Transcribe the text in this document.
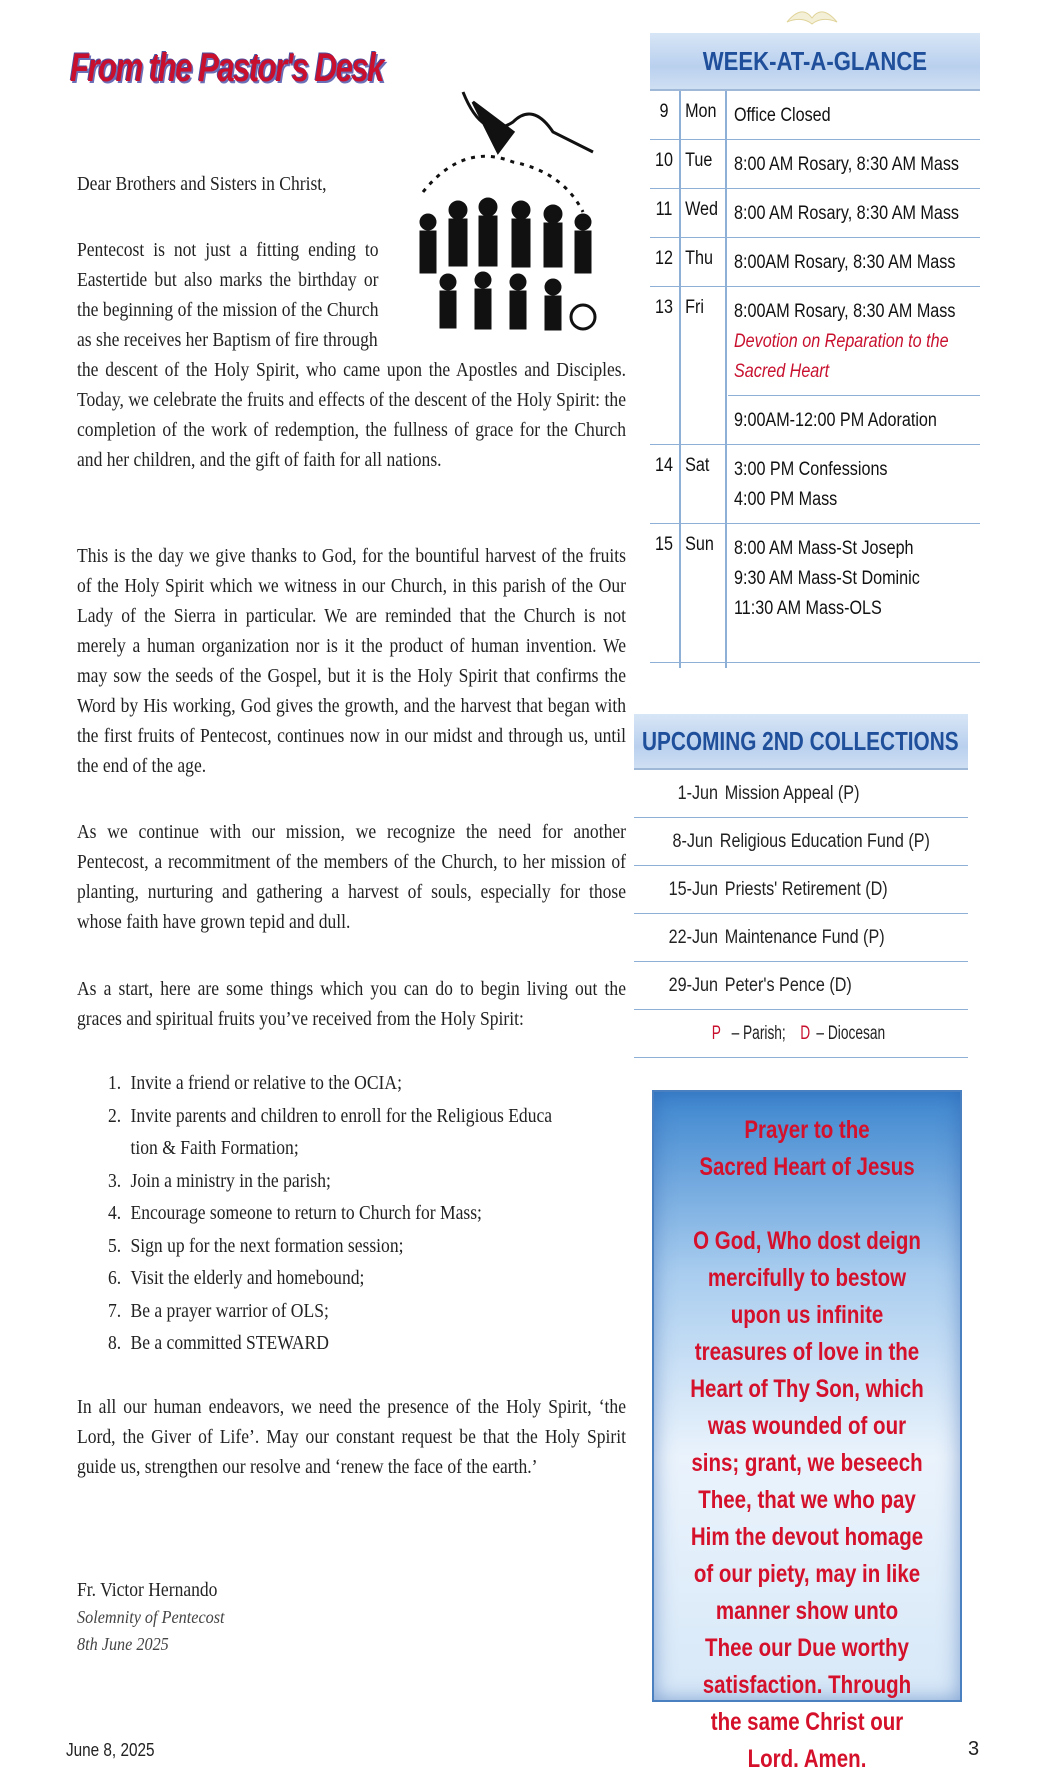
From the Pastor's Desk

Dear Brothers and Sisters in Christ,

Pentecost is not just a fitting ending to Eastertide but also marks the birthday or the beginning of the mission of the Church as she receives her Baptism of fire through
the descent of the Holy Spirit, who came upon the Apostles and Disciples. Today, we celebrate the fruits and effects of the descent of the Holy Spirit: the completion of the work of redemption, the fullness of grace for the Church and her children, and the gift of faith for all nations.

This is the day we give thanks to God, for the bountiful harvest of the fruits of the Holy Spirit which we witness in our Church, in this parish of the Our Lady of the Sierra in particular. We are reminded that the Church is not merely a human organization nor is it the product of human invention. We may sow the seeds of the Gospel, but it is the Holy Spirit that confirms the Word by His working, God gives the growth, and the harvest that began with the first fruits of Pentecost, continues now in our midst and through us, until the end of the age.

As we continue with our mission, we recognize the need for another Pentecost, a recommitment of the members of the Church, to her mission of planting, nurturing and gathering a harvest of souls, especially for those whose faith have grown tepid and dull.

As a start, here are some things which you can do to begin living out the graces and spiritual fruits you’ve received from the Holy Spirit:

1. Invite a friend or relative to the OCIA;
2. Invite parents and children to enroll for the Religious Educa
tion & Faith Formation;
3. Join a ministry in the parish;
4. Encourage someone to return to Church for Mass;
5. Sign up for the next formation session;
6. Visit the elderly and homebound;
7. Be a prayer warrior of OLS;
8. Be a committed STEWARD

In all our human endeavors, we need the presence of the Holy Spirit, ‘the Lord, the Giver of Life’. May our constant request be that the Holy Spirit guide us, strengthen our resolve and ‘renew the face of the earth.’

Fr. Victor Hernando
Solemnity of Pentecost
8th June 2025
WEEK-AT-A-GLANCE
9 Mon Office Closed
10 Tue	8:00 AM Rosary, 8:30 AM Mass
11 Wed 8:00 AM Rosary, 8:30 AM Mass
12 Thu	8:00AM Rosary, 8:30 AM Mass
13 Fri	8:00AM Rosary, 8:30 AM Mass
Devotion on Reparation to the
Sacred Heart
9:00AM-12:00 PM Adoration
14 Sat	3:00 PM Confessions
4:00 PM Mass
15 Sun	8:00 AM Mass-St Joseph
9:30 AM Mass-St Dominic
11:30 AM Mass-OLS
UPCOMING 2ND COLLECTIONS
1-Jun Mission Appeal (P)
8-Jun Religious Education Fund (P)
15-Jun Priests' Retirement (D)
22-Jun Maintenance Fund (P)
29-Jun Peter's Pence (D)
P – Parish;  D– Diocesan
Prayer to the
Sacred Heart of Jesus
O God, Who dost deign mercifully to bestow upon us infinite treasures of love in the Heart of Thy Son, which was wounded of our sins; grant, we beseech Thee, that we who pay Him the devout homage of our piety, may in like manner show unto Thee our Due worthy satisfaction. Through the same Christ our Lord. Amen.
June 8, 2025	3
